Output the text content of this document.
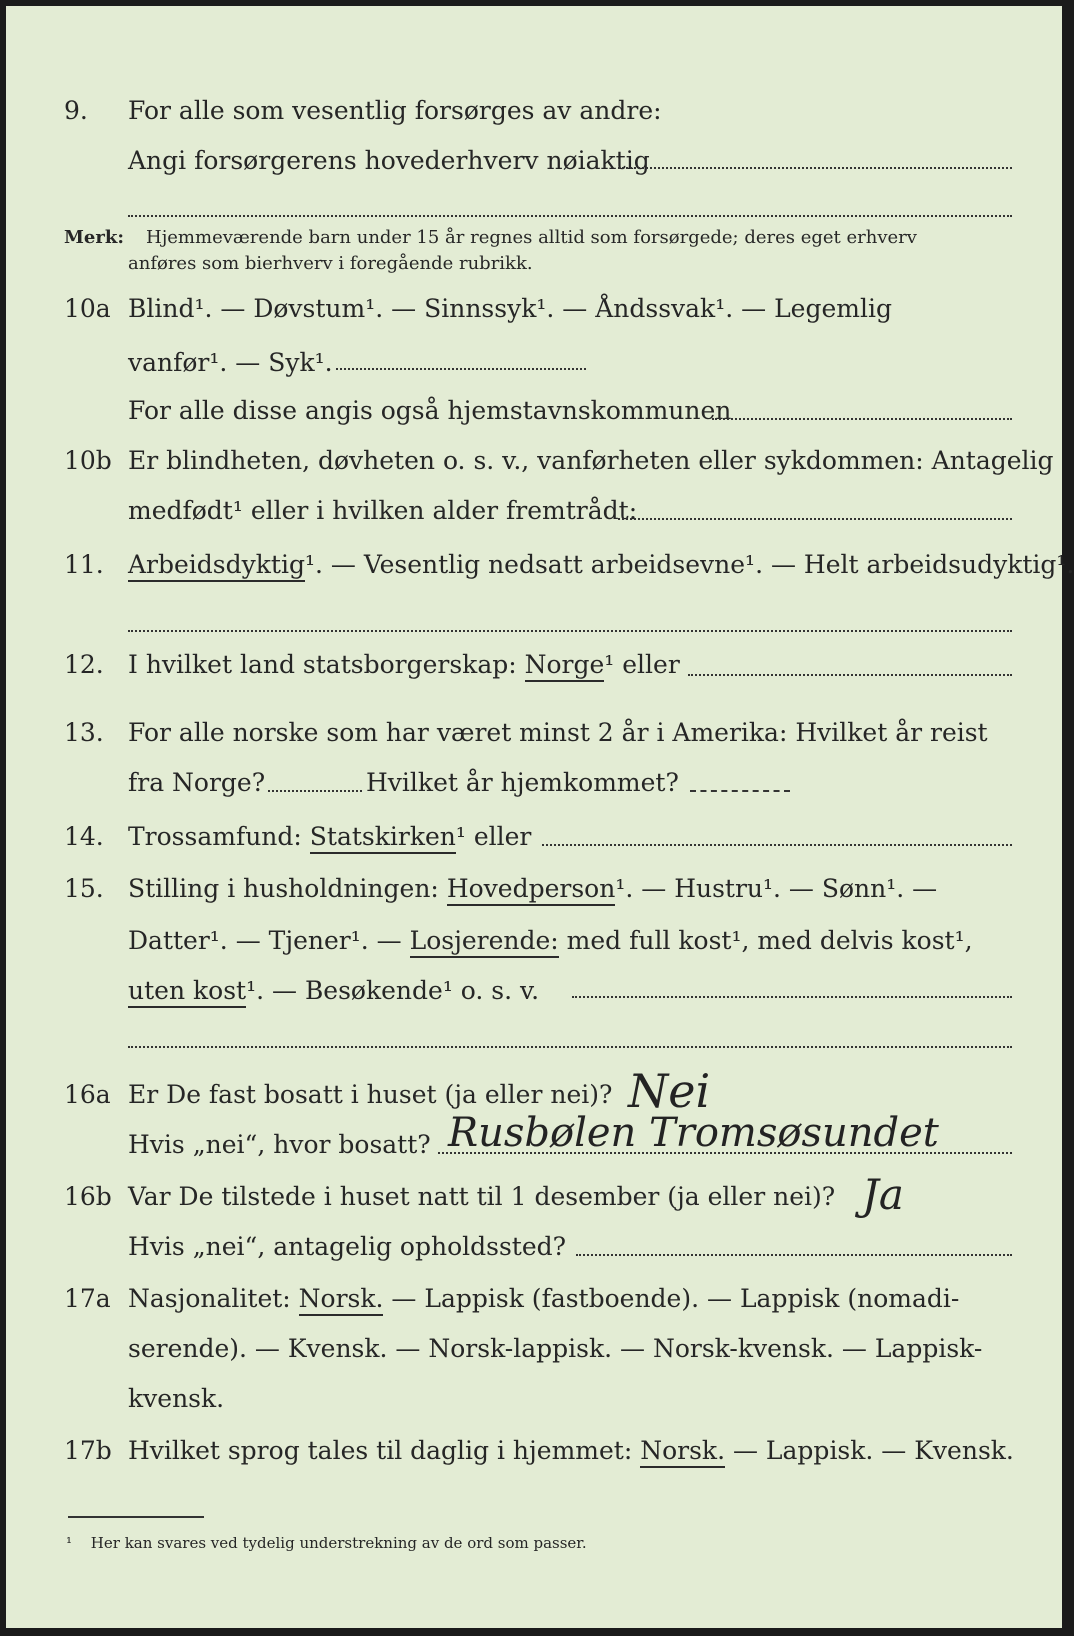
9.	For alle som vesentlig forsørges av andre:
Angi forsørgerens hovederhverv nøiaktig
Merk: Hjemmeværende barn under 15 år regnes alltid som forsørgede; deres eget erhverv
anføres som bierhverv i foregående rubrikk.
10a Blind¹. — Døvstum¹. — Sinnssyk¹. — Åndssvak¹. — Legemlig
vanfør¹. — Syk¹.
For alle disse angis også hjemstavnskommunen
10b Er blindheten, døvheten o. s. v., vanførheten eller sykdommen: Antagelig
medfødt¹ eller i hvilken alder fremtrådt:
11. Arbeidsdyktig¹. — Vesentlig nedsatt arbeidsevne¹. — Helt arbeidsudyktig¹.
12. I hvilket land statsborgerskap: Norge¹ eller
13. For alle norske som har været minst 2 år i Amerika: Hvilket år reist
fra Norge?	Hvilket år hjemkommet?
14. Trossamfund: Statskirken¹ eller
15. Stilling i husholdningen: Hovedperson¹. — Hustru¹. — Sønn¹. —
Datter¹. — Tjener¹. — Losjerende: med full kost¹, med delvis kost¹,
uten kost¹. — Besøkende¹ o. s. v.
16a Er De fast bosatt i huset (ja eller nei)? Nei
Hvis „nei“, hvor bosatt? Rusbølen Tromsøsundet
16b Var De tilstede i huset natt til 1 desember (ja eller nei)? Ja
Hvis „nei“, antagelig opholdssted?
17a Nasjonalitet: Norsk. — Lappisk (fastboende). — Lappisk (nomadi-
serende). — Kvensk. — Norsk-lappisk. — Norsk-kvensk. — Lappisk-
kvensk.
17b Hvilket sprog tales til daglig i hjemmet: Norsk. — Lappisk. — Kvensk.
¹ Her kan svares ved tydelig understrekning av de ord som passer.
